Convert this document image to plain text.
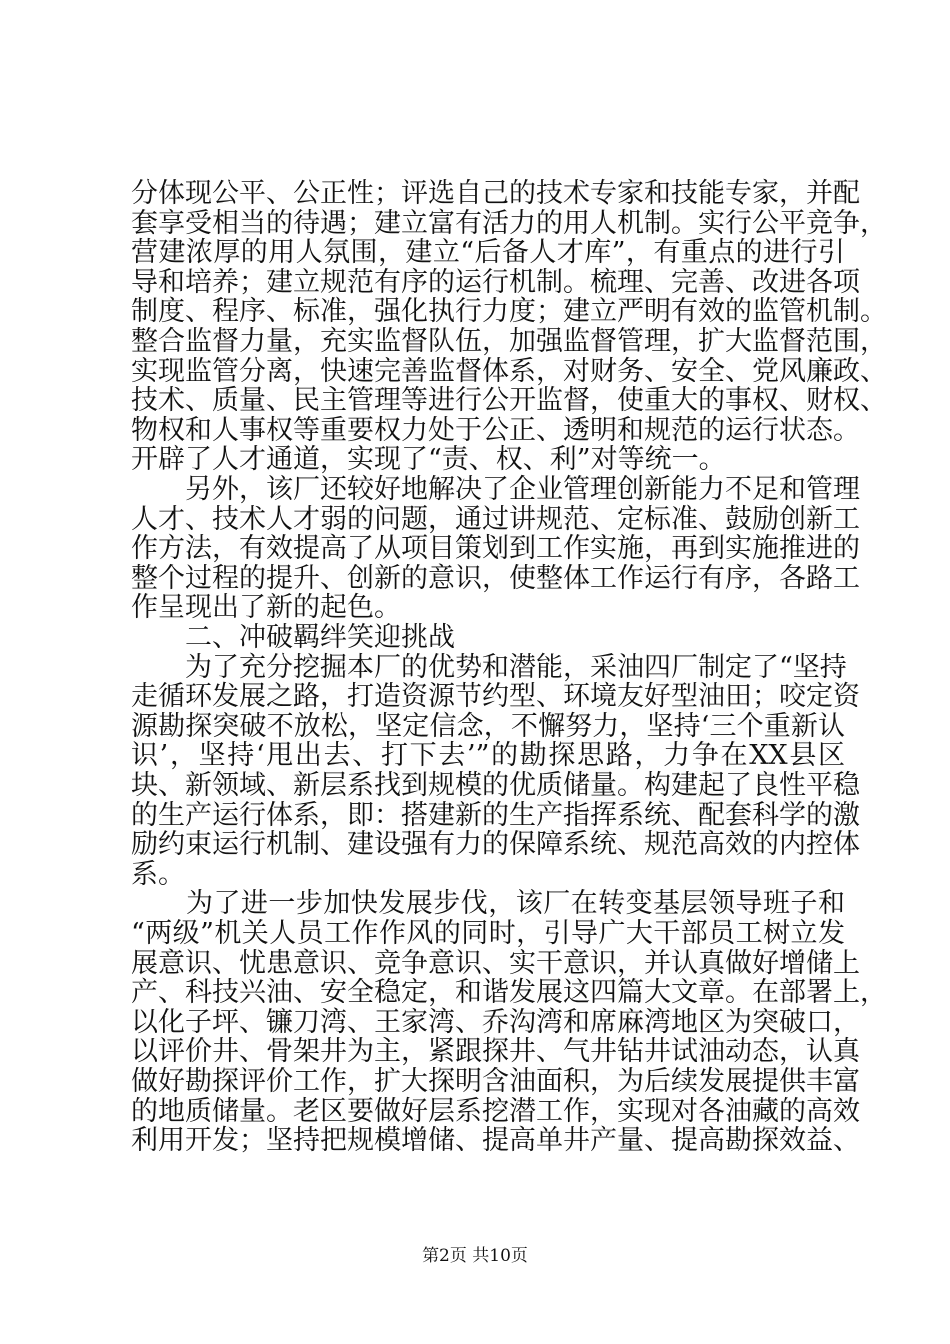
分体现公平、公正性；评选自己的技术专家和技能专家，并配
套享受相当的待遇；建立富有活力的用人机制。实行公平竞争，
营建浓厚的用人氛围，建立“后备人才库”，有重点的进行引
导和培养；建立规范有序的运行机制。梳理、完善、改进各项
制度、程序、标准，强化执行力度；建立严明有效的监管机制。
整合监督力量，充实监督队伍，加强监督管理，扩大监督范围，
实现监管分离，快速完善监督体系，对财务、安全、党风廉政、
技术、质量、民主管理等进行公开监督，使重大的事权、财权、
物权和人事权等重要权力处于公正、透明和规范的运行状态。
开辟了人才通道，实现了“责、权、利”对等统一。
　　另外，该厂还较好地解决了企业管理创新能力不足和管理
人才、技术人才弱的问题，通过讲规范、定标准、鼓励创新工
作方法，有效提高了从项目策划到工作实施，再到实施推进的
整个过程的提升、创新的意识，使整体工作运行有序，各路工
作呈现出了新的起色。
　　二、冲破羁绊笑迎挑战
　　为了充分挖掘本厂的优势和潜能，采油四厂制定了“坚持
走循环发展之路，打造资源节约型、环境友好型油田；咬定资
源勘探突破不放松，坚定信念，不懈努力，坚持‘三个重新认
识’，坚持‘甩出去、打下去’”的勘探思路，力争在XX县区
块、新领域、新层系找到规模的优质储量。构建起了良性平稳
的生产运行体系，即：搭建新的生产指挥系统、配套科学的激
励约束运行机制、建设强有力的保障系统、规范高效的内控体
系。
　　为了进一步加快发展步伐，该厂在转变基层领导班子和
“两级”机关人员工作作风的同时，引导广大干部员工树立发
展意识、忧患意识、竞争意识、实干意识，并认真做好增储上
产、科技兴油、安全稳定，和谐发展这四篇大文章。在部署上，
以化子坪、镰刀湾、王家湾、乔沟湾和席麻湾地区为突破口，
以评价井、骨架井为主，紧跟探井、气井钻井试油动态，认真
做好勘探评价工作，扩大探明含油面积，为后续发展提供丰富
的地质储量。老区要做好层系挖潜工作，实现对各油藏的高效
利用开发；坚持把规模增储、提高单井产量、提高勘探效益、
第2页 共10页
